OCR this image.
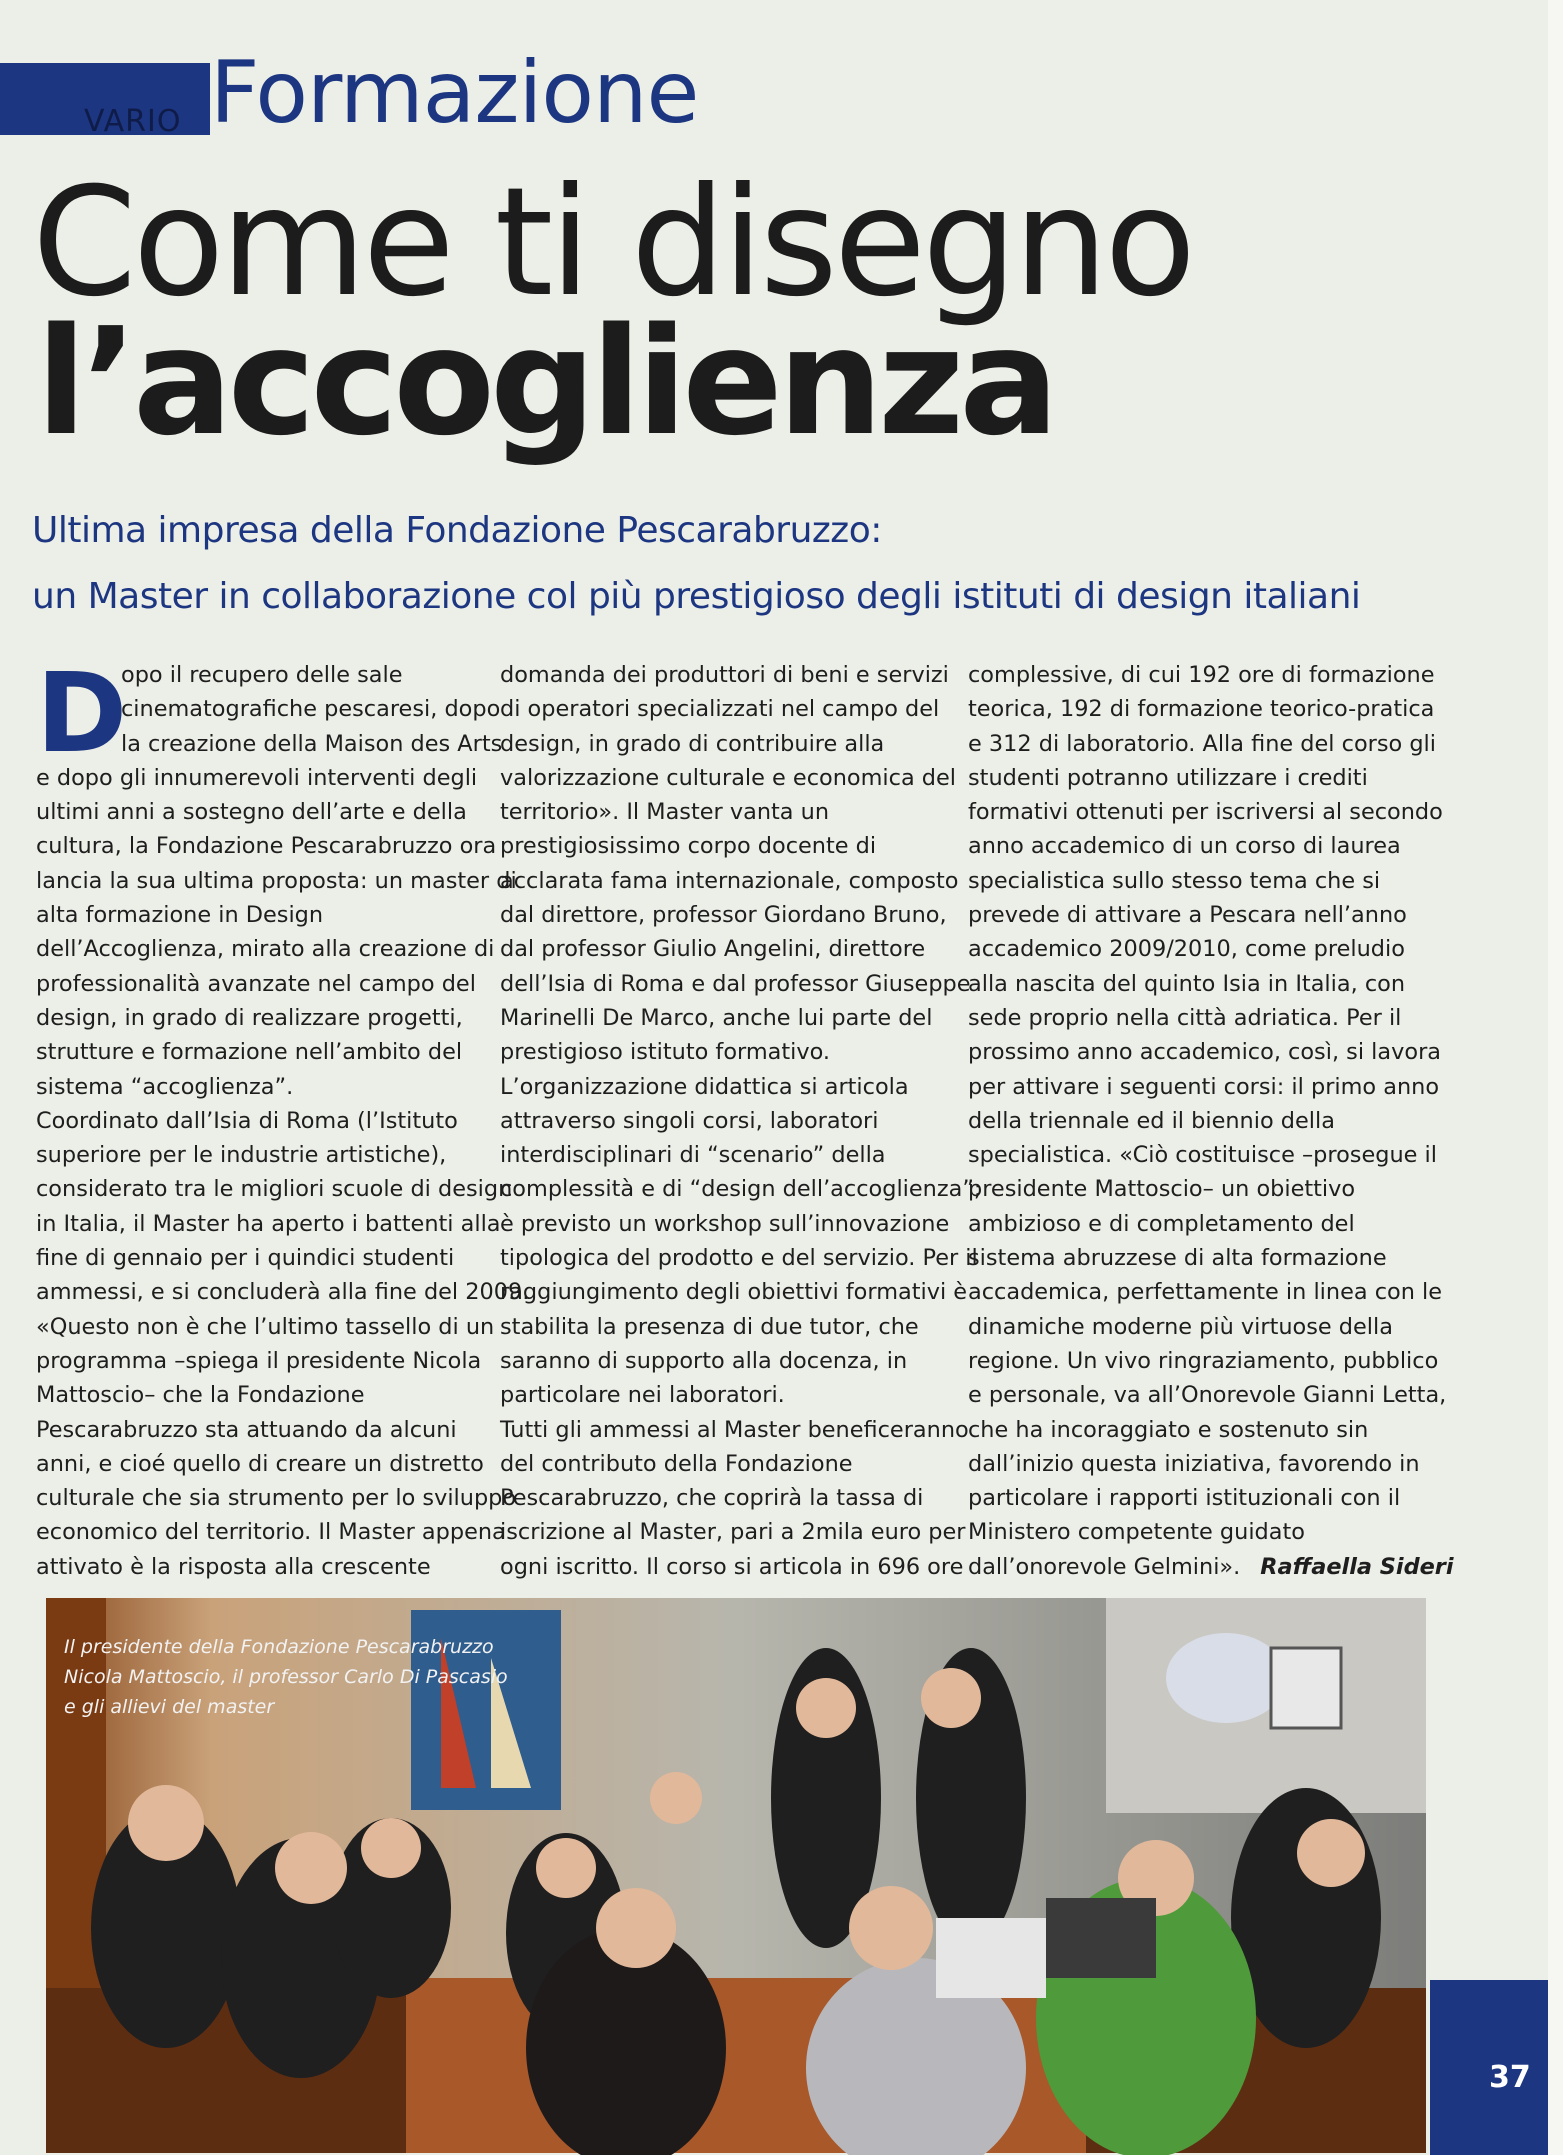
VARIO Formazione
Come ti disegno
l’accoglienza
Ultima impresa della Fondazione Pescarabruzzo:
un Master in collaborazione col più prestigioso degli istituti di design italiani
D
opo il recupero delle sale
cinematografiche pescaresi, dopo
la creazione della Maison des Arts
e dopo gli innumerevoli interventi degli
ultimi anni a sostegno dell’arte e della
cultura, la Fondazione Pescarabruzzo ora
lancia la sua ultima proposta: un master di
alta formazione in Design
dell’Accoglienza, mirato alla creazione di
professionalità avanzate nel campo del
design, in grado di realizzare progetti,
strutture e formazione nell’ambito del
sistema “accoglienza”.
Coordinato dall’Isia di Roma (l’Istituto
superiore per le industrie artistiche),
considerato tra le migliori scuole di design
in Italia, il Master ha aperto i battenti alla
fine di gennaio per i quindici studenti
ammessi, e si concluderà alla fine del 2009.
«Questo non è che l’ultimo tassello di un
programma –spiega il presidente Nicola
Mattoscio– che la Fondazione
Pescarabruzzo sta attuando da alcuni
anni, e cioé quello di creare un distretto
culturale che sia strumento per lo sviluppo
economico del territorio. Il Master appena
attivato è la risposta alla crescente
domanda dei produttori di beni e servizi
di operatori specializzati nel campo del
design, in grado di contribuire alla
valorizzazione culturale e economica del
territorio». Il Master vanta un
prestigiosissimo corpo docente di
acclarata fama internazionale, composto
dal direttore, professor Giordano Bruno,
dal professor Giulio Angelini, direttore
dell’Isia di Roma e dal professor Giuseppe
Marinelli De Marco, anche lui parte del
prestigioso istituto formativo.
L’organizzazione didattica si articola
attraverso singoli corsi, laboratori
interdisciplinari di “scenario” della
complessità e di “design dell’accoglienza”;
è previsto un workshop sull’innovazione
tipologica del prodotto e del servizio. Per il
raggiungimento degli obiettivi formativi è
stabilita la presenza di due tutor, che
saranno di supporto alla docenza, in
particolare nei laboratori.
Tutti gli ammessi al Master beneficeranno
del contributo della Fondazione
Pescarabruzzo, che coprirà la tassa di
iscrizione al Master, pari a 2mila euro per
ogni iscritto. Il corso si articola in 696 ore
complessive, di cui 192 ore di formazione
teorica, 192 di formazione teorico-pratica
e 312 di laboratorio. Alla fine del corso gli
studenti potranno utilizzare i crediti
formativi ottenuti per iscriversi al secondo
anno accademico di un corso di laurea
specialistica sullo stesso tema che si
prevede di attivare a Pescara nell’anno
accademico 2009/2010, come preludio
alla nascita del quinto Isia in Italia, con
sede proprio nella città adriatica. Per il
prossimo anno accademico, così, si lavora
per attivare i seguenti corsi: il primo anno
della triennale ed il biennio della
specialistica. «Ciò costituisce –prosegue il
presidente Mattoscio– un obiettivo
ambizioso e di completamento del
sistema abruzzese di alta formazione
accademica, perfettamente in linea con le
dinamiche moderne più virtuose della
regione. Un vivo ringraziamento, pubblico
e personale, va all’Onorevole Gianni Letta,
che ha incoraggiato e sostenuto sin
dall’inizio questa iniziativa, favorendo in
particolare i rapporti istituzionali con il
Ministero competente guidato
dall’onorevole Gelmini». Raffaella Sideri
Il presidente della Fondazione Pescarabruzzo
Nicola Mattoscio, il professor Carlo Di Pascasio
e gli allievi del master
37
